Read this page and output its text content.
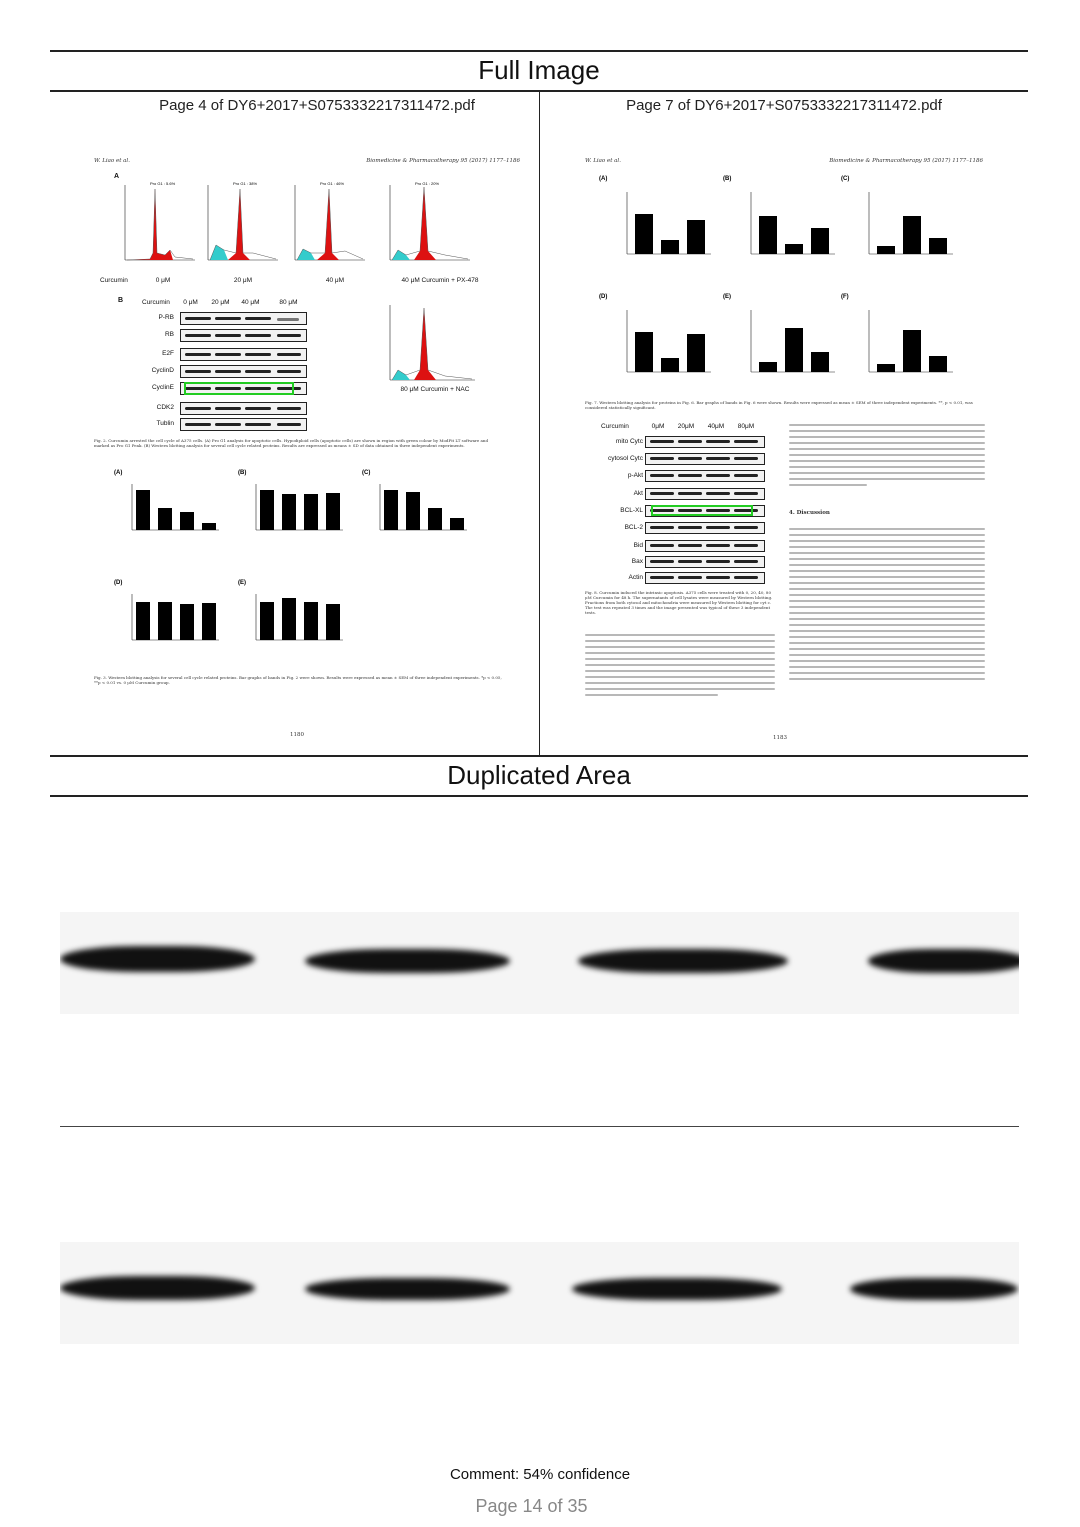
Full Image
Page 4 of DY6+2017+S0753332217311472.pdf	Page 7 of DY6+2017+S0753332217311472.pdf
W. Liao et al.	Biomedicine & Pharmacotherapy 95 (2017) 1177–1186
A
Pro G1 : 5.6%	Pro G1 : 38%	Pro G1 : 46%	Pro G1 : 20%
Curcumin	0 μM	20 μM	40 μM	40 μM Curcumin + PX-478
B	Curcumin	0 μM	20 μM	40 μM	80 μM
P-RB
RB
E2F
CyclinD
CyclinE
CDK2
Tublin
80 μM Curcumin + NAC
Fig. 2. Curcumin arrested the cell cycle of A375 cells. (A) Pro G1 analysis for apoptotic cells. Hypodiploid cells (apoptotic cells) are shown in region with green colour by ModFit LT software and marked as Pro G1 Peak. (B) Western blotting analysis for several cell cycle related proteins. Results are expressed as means ± SD of data obtained in three independent experiments.
(A)	(B)	(C)
(D)	(E)
Fig. 3. Western blotting analysis for several cell cycle related proteins. Bar graphs of bands in Fig. 2 were shown. Results were expressed as mean ± SEM of three independent experiments. *p < 0.05, **p < 0.01 vs. 0 μM Curcumin group.
1180
W. Liao et al.	Biomedicine & Pharmacotherapy 95 (2017) 1177–1186
(A)	(B)	(C)
(D)	(E)	(F)
Fig. 7. Western blotting analysis for proteins in Fig. 6. Bar graphs of bands in Fig. 6 were shown. Results were expressed as mean ± SEM of three independent experiments. **, p < 0.01, was considered statistically significant.
Curcumin	0μM	20μM	40μM	80μM
mito Cytc
cytosol Cytc
p-Akt
Akt
BCL-XL
BCL-2
Bid
Bax
Actin
Fig. 8. Curcumin induced the intrinsic apoptosis. A375 cells were treated with 0, 20, 40, 80 μM Curcumin for 48 h. The supernatants of cell lysates were measured by Western blotting. Fractions from both cytosol and mitochondria were measured by Western blotting for cyt c. The test was repeated 3 times and the image presented was typical of these 3 independent tests.
4. Discussion
1183
Duplicated Area
Comment: 54% confidence
Page 14 of 35
